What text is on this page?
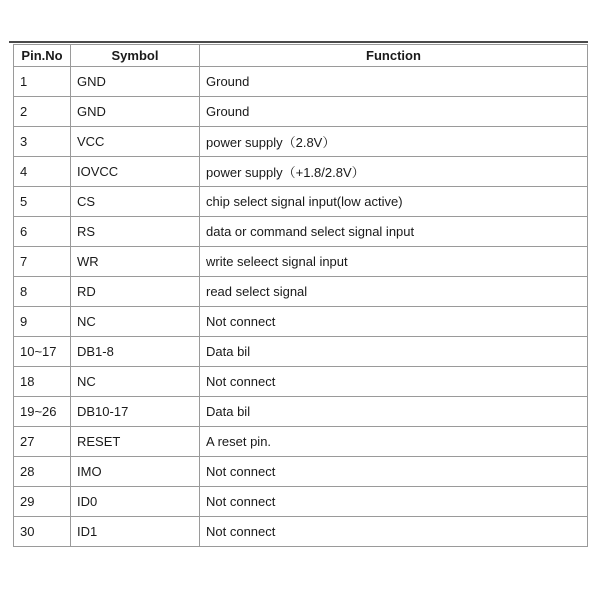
Pin.No	Symbol	Function
1	GND	Ground
2	GND	Ground
3	VCC	power supply（2.8V）
4	IOVCC	power supply（+1.8/2.8V）
5	CS	chip select signal input(low active)
6	RS	data or command select signal input
7	WR	write seleect signal input
8	RD	read select signal
9	NC	Not connect
10~17	DB1-8	Data bil
18	NC	Not connect
19~26	DB10-17	Data bil
27	RESET	A reset pin.
28	IMO	Not connect
29	ID0	Not connect
30	ID1	Not connect
